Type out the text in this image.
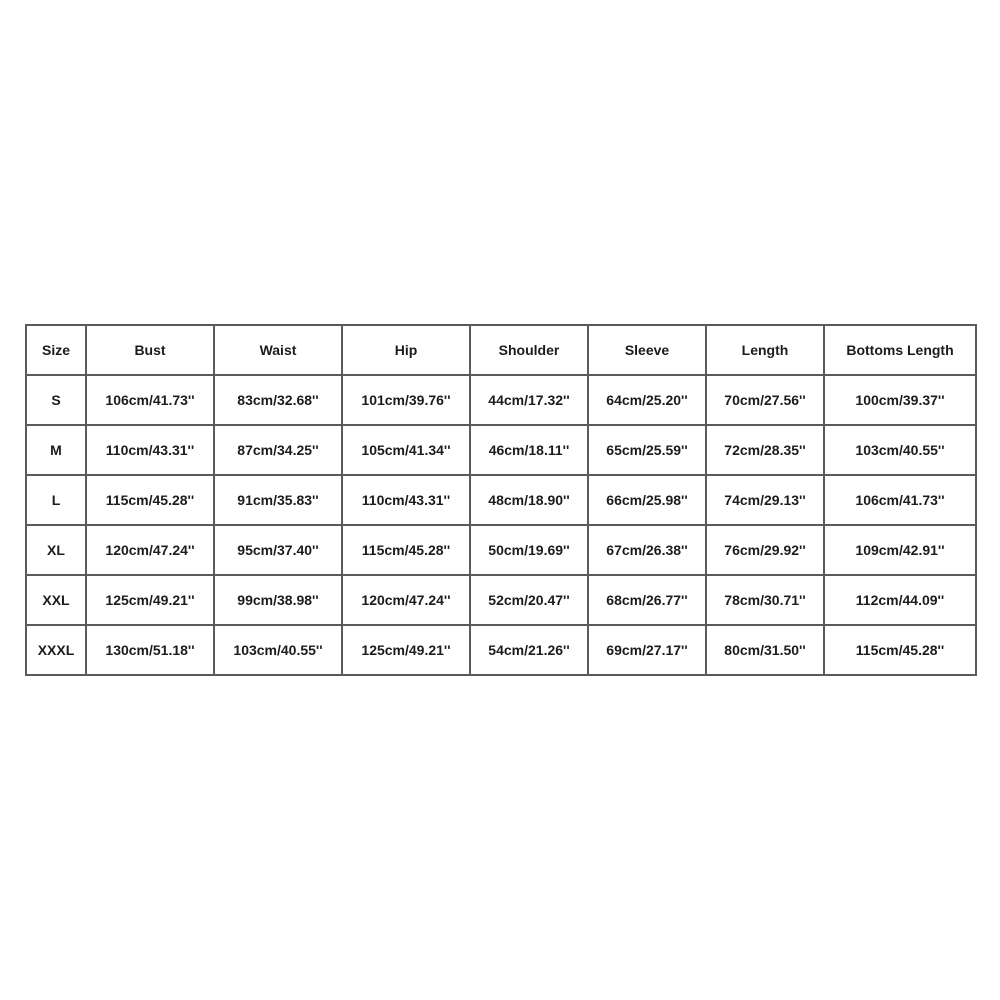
Size	Bust	Waist	Hip	Shoulder	Sleeve	Length	Bottoms Length
S	106cm/41.73''	83cm/32.68''	101cm/39.76''	44cm/17.32''	64cm/25.20''	70cm/27.56''	100cm/39.37''
M	110cm/43.31''	87cm/34.25''	105cm/41.34''	46cm/18.11''	65cm/25.59''	72cm/28.35''	103cm/40.55''
L	115cm/45.28''	91cm/35.83''	110cm/43.31''	48cm/18.90''	66cm/25.98''	74cm/29.13''	106cm/41.73''
XL	120cm/47.24''	95cm/37.40''	115cm/45.28''	50cm/19.69''	67cm/26.38''	76cm/29.92''	109cm/42.91''
XXL	125cm/49.21''	99cm/38.98''	120cm/47.24''	52cm/20.47''	68cm/26.77''	78cm/30.71''	112cm/44.09''
XXXL	130cm/51.18''	103cm/40.55''	125cm/49.21''	54cm/21.26''	69cm/27.17''	80cm/31.50''	115cm/45.28''
